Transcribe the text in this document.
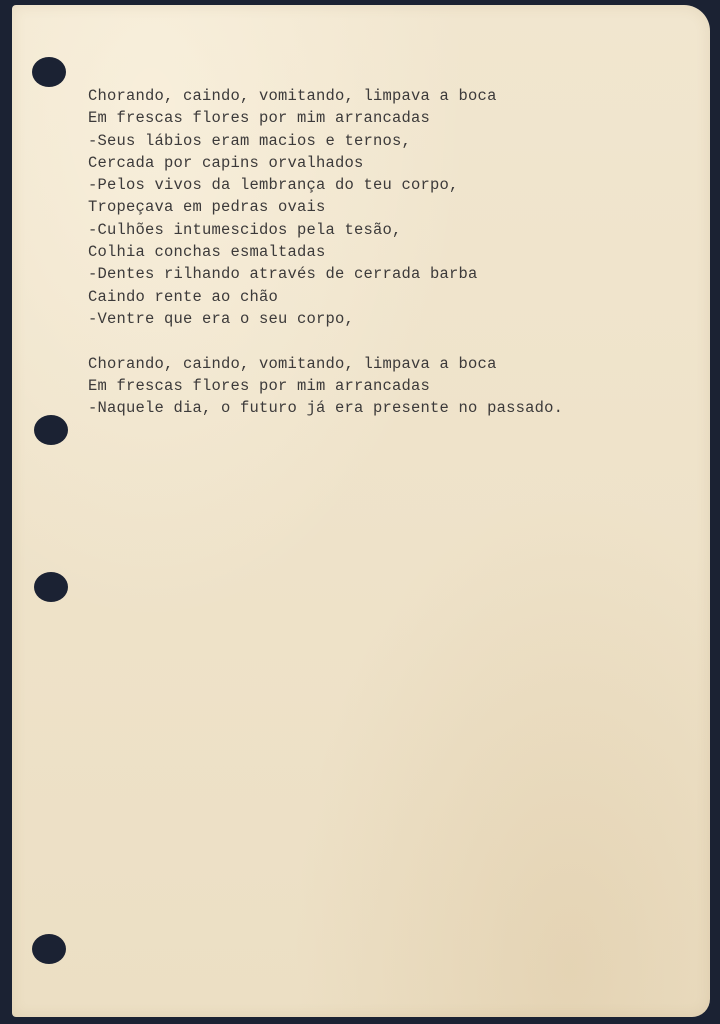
Chorando, caindo, vomitando, limpava a boca
Em frescas flores por mim arrancadas
-Seus lábios eram macios e ternos,
Cercada por capins orvalhados
-Pelos vivos da lembrança do teu corpo,
Tropeçava em pedras ovais
-Culhões intumescidos pela tesão,
Colhia conchas esmaltadas
-Dentes rilhando através de cerrada barba
Caindo rente ao chão
-Ventre que era o seu corpo,
Chorando, caindo, vomitando, limpava a boca
Em frescas flores por mim arrancadas
-Naquele dia, o futuro já era presente no passado.
